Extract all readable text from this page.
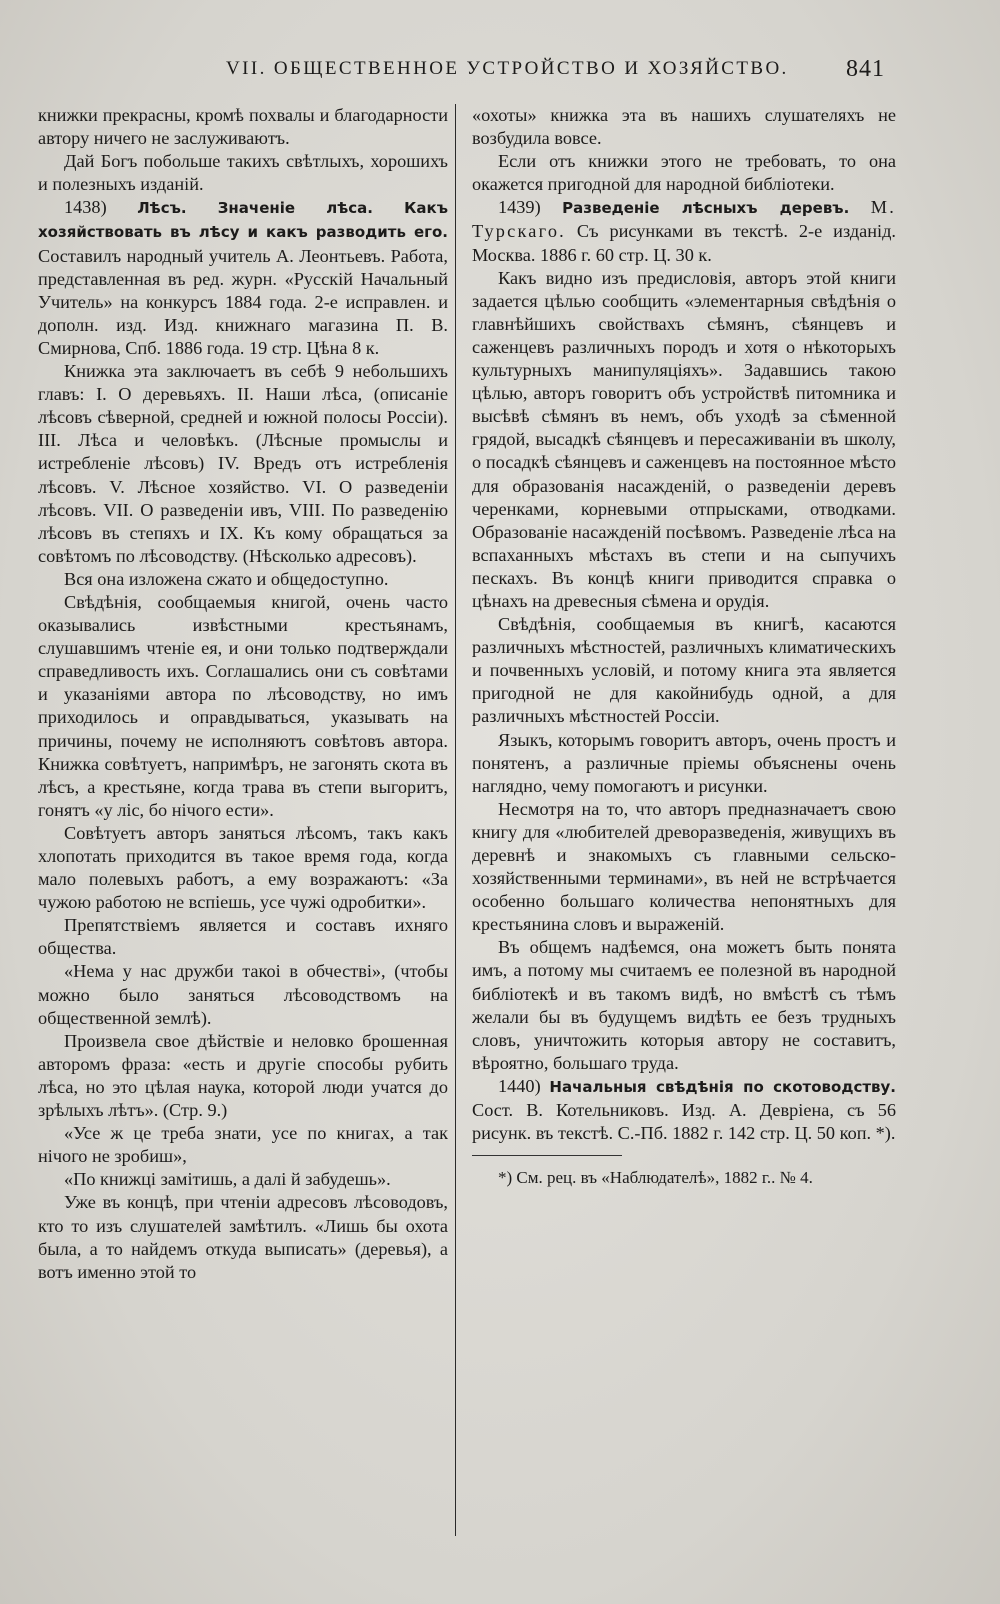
VII. ОБЩЕСТВЕННОЕ УСТРОЙСТВО И ХОЗЯЙСТВО. 841

книжки прекрасны, кромѣ похвалы и благодарности автору ничего не заслуживаютъ.

Дай Богъ побольше такихъ свѣтлыхъ, хорошихъ и полезныхъ изданій.

1438) Лѣсъ. Значеніе лѣса. Какъ хозяйствовать въ лѣсу и какъ разводить его. Составилъ народный учитель А. Леонтьевъ. Работа, представленная въ ред. журн. «Русскій Начальный Учитель» на конкурсъ 1884 года. 2-е исправлен. и дополн. изд. Изд. книжнаго магазина П. В. Смирнова, Спб. 1886 года. 19 стр. Цѣна 8 к.

Книжка эта заключаетъ въ себѣ 9 небольшихъ главъ: I. О деревьяхъ. II. Наши лѣса, (описаніе лѣсовъ сѣверной, средней и южной полосы Россіи). III. Лѣса и человѣкъ. (Лѣсные промыслы и истребленіе лѣсовъ) IV. Вредъ отъ истребленія лѣсовъ. V. Лѣсное хозяйство. VI. О разведеніи лѣсовъ. VII. О разведеніи ивъ, VIII. По разведенію лѣсовъ въ степяхъ и IX. Къ кому обращаться за совѣтомъ по лѣсоводству. (Нѣсколько адресовъ).

Вся она изложена сжато и общедоступно.

Свѣдѣнія, сообщаемыя книгой, очень часто оказывались извѣстными крестьянамъ, слушавшимъ чтеніе ея, и они только подтверждали справедливость ихъ. Соглашались они съ совѣтами и указаніями автора по лѣсоводству, но имъ приходилось и оправдываться, указывать на причины, почему не исполняютъ совѣтовъ автора. Книжка совѣтуетъ, напримѣръ, не загонять скота въ лѣсъ, а крестьяне, когда трава въ степи выгоритъ, гонятъ «у ліс, бо нічого ести».

Совѣтуетъ авторъ заняться лѣсомъ, такъ какъ хлопотать приходится въ такое время года, когда мало полевыхъ работъ, а ему возражаютъ: «За чужою работою не вспіешь, усе чужі одробитки».

Препятствіемъ является и составъ ихняго общества.

«Нема у нас дружби такоі в обчестві», (чтобы можно было заняться лѣсоводствомъ на общественной землѣ).

Произвела свое дѣйствіе и неловко брошенная авторомъ фраза: «есть и другіе способы рубить лѣса, но это цѣлая наука, которой люди учатся до зрѣлыхъ лѣтъ». (Стр. 9.)

«Усе ж це треба знати, усе по книгах, а так нічого не зробиш»,

«По книжці замітишь, а далі й забудешь».

Уже въ концѣ, при чтеніи адресовъ лѣсоводовъ, кто то изъ слушателей замѣтилъ. «Лишь бы охота была, а то найдемъ откуда выписать» (деревья), а вотъ именно этой то

«охоты» книжка эта въ нашихъ слушателяхъ не возбудила вовсе.

Если отъ книжки этого не требовать, то она окажется пригодной для народной библіотеки.

1439) Разведеніе лѣсныхъ деревъ. М. Турскаго. Съ рисунками въ текстѣ. 2-е изданід. Москва. 1886 г. 60 стр. Ц. 30 к.

Какъ видно изъ предисловія, авторъ этой книги задается цѣлью сообщить «элементарныя свѣдѣнія о главнѣйшихъ свойствахъ сѣмянъ, сѣянцевъ и саженцевъ различныхъ породъ и хотя о нѣкоторыхъ культурныхъ манипуляціяхъ». Задавшись такою цѣлью, авторъ говоритъ объ устройствѣ питомника и высѣвѣ сѣмянъ въ немъ, объ уходѣ за сѣменной грядой, высадкѣ сѣянцевъ и пересаживаніи въ школу, о посадкѣ сѣянцевъ и саженцевъ на постоянное мѣсто для образованія насажденій, о разведеніи деревъ черенками, корневыми отпрысками, отводками. Образованіе насажденій посѣвомъ. Разведеніе лѣса на вспаханныхъ мѣстахъ въ степи и на сыпучихъ пескахъ. Въ концѣ книги приводится справка о цѣнахъ на древесныя сѣмена и орудія.

Свѣдѣнія, сообщаемыя въ книгѣ, касаются различныхъ мѣстностей, различныхъ климатическихъ и почвенныхъ условій, и потому книга эта является пригодной не для какойнибудь одной, а для различныхъ мѣстностей Россіи.

Языкъ, которымъ говоритъ авторъ, очень простъ и понятенъ, а различные пріемы объяснены очень наглядно, чему помогаютъ и рисунки.

Несмотря на то, что авторъ предназначаетъ свою книгу для «любителей древоразведенія, живущихъ въ деревнѣ и знакомыхъ съ главными сельско-хозяйственными терминами», въ ней не встрѣчается особенно большаго количества непонятныхъ для крестьянина словъ и выраженій.

Въ общемъ надѣемся, она можетъ быть понята имъ, а потому мы считаемъ ее полезной въ народной библіотекѣ и въ такомъ видѣ, но вмѣстѣ съ тѣмъ желали бы въ будущемъ видѣть ее безъ трудныхъ словъ, уничтожить которыя автору не составитъ, вѣроятно, большаго труда.

1440) Начальныя свѣдѣнія по скотоводству. Сост. В. Котельниковъ. Изд. А. Девріена, съ 56 рисунк. въ текстѣ. С.-Пб. 1882 г. 142 стр. Ц. 50 коп. *).

*) См. рец. въ «Наблюдателѣ», 1882 г.. № 4.
